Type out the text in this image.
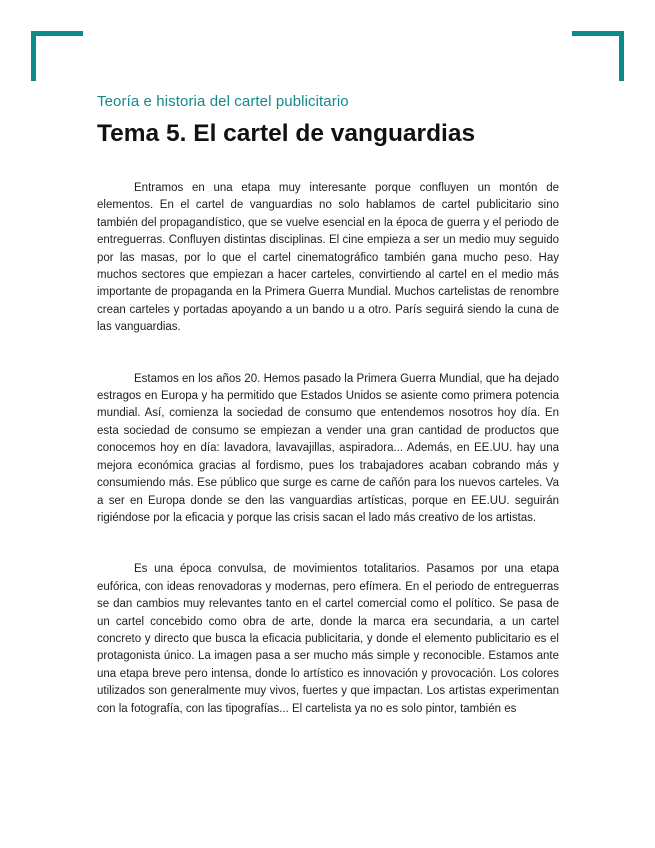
Teoría e historia del cartel publicitario
Tema 5. El cartel de vanguardias

Entramos en una etapa muy interesante porque confluyen un montón de elementos. En el cartel de vanguardias no solo hablamos de cartel publicitario sino también del propagandístico, que se vuelve esencial en la época de guerra y el periodo de entreguerras. Confluyen distintas disciplinas. El cine empieza a ser un medio muy seguido por las masas, por lo que el cartel cinematográfico también gana mucho peso. Hay muchos sectores que empiezan a hacer carteles, convirtiendo al cartel en el medio más importante de propaganda en la Primera Guerra Mundial. Muchos cartelistas de renombre crean carteles y portadas apoyando a un bando u a otro. París seguirá siendo la cuna de las vanguardias.

Estamos en los años 20. Hemos pasado la Primera Guerra Mundial, que ha dejado estragos en Europa y ha permitido que Estados Unidos se asiente como primera potencia mundial. Así, comienza la sociedad de consumo que entendemos nosotros hoy día. En esta sociedad de consumo se empiezan a vender una gran cantidad de productos que conocemos hoy en día: lavadora, lavavajillas, aspiradora... Además, en EE.UU. hay una mejora económica gracias al fordismo, pues los trabajadores acaban cobrando más y consumiendo más. Ese público que surge es carne de cañón para los nuevos carteles. Va a ser en Europa donde se den las vanguardias artísticas, porque en EE.UU. seguirán rigiéndose por la eficacia y porque las crisis sacan el lado más creativo de los artistas.

Es una época convulsa, de movimientos totalitarios. Pasamos por una etapa eufórica, con ideas renovadoras y modernas, pero efímera. En el periodo de entreguerras se dan cambios muy relevantes tanto en el cartel comercial como el político. Se pasa de un cartel concebido como obra de arte, donde la marca era secundaria, a un cartel concreto y directo que busca la eficacia publicitaria, y donde el elemento publicitario es el protagonista único. La imagen pasa a ser mucho más simple y reconocible. Estamos ante una etapa breve pero intensa, donde lo artístico es innovación y provocación. Los colores utilizados son generalmente muy vivos, fuertes y que impactan. Los artistas experimentan con la fotografía, con las tipografías... El cartelista ya no es solo pintor, también es
